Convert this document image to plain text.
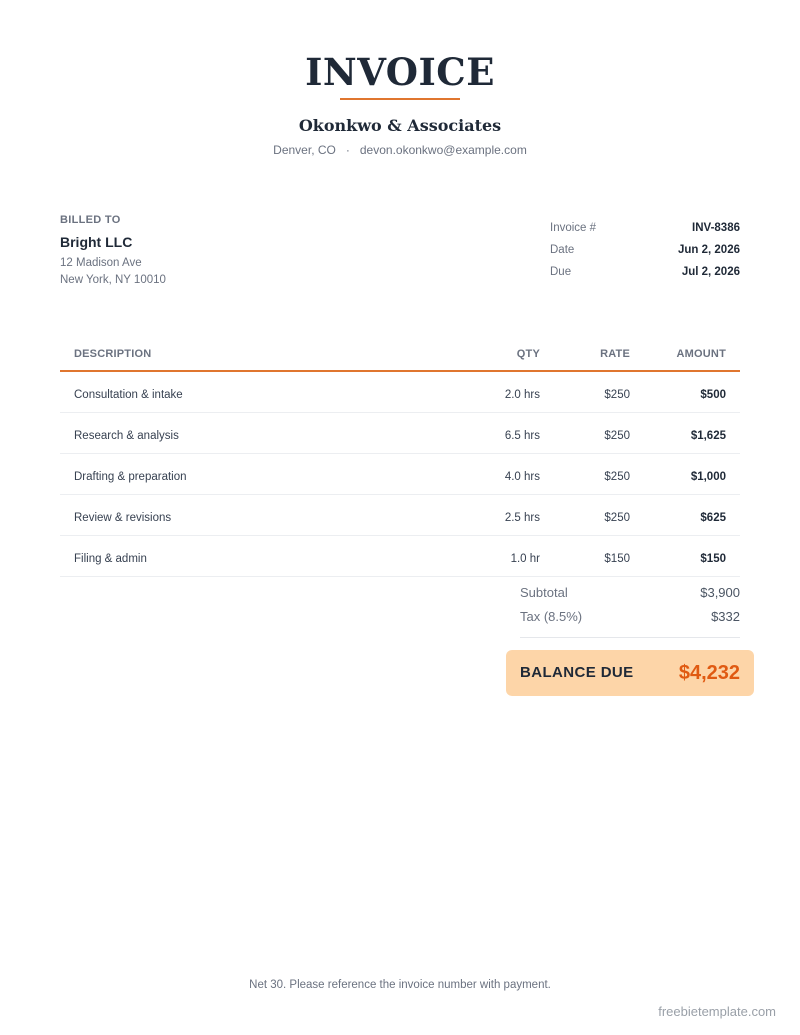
INVOICE
Okonkwo & Associates
Denver, CO · devon.okonkwo@example.com
BILLED TO
Bright LLC
12 Madison Ave
New York, NY 10010
Invoice #	INV-8386
Date	Jun 2, 2026
Due	Jul 2, 2026
DESCRIPTION	QTY	RATE	AMOUNT
Consultation & intake	2.0 hrs	$250	$500
Research & analysis	6.5 hrs	$250	$1,625
Drafting & preparation	4.0 hrs	$250	$1,000
Review & revisions	2.5 hrs	$250	$625
Filing & admin	1.0 hr	$150	$150
Subtotal	$3,900
Tax (8.5%)	$332
BALANCE DUE $4,232
Net 30. Please reference the invoice number with payment.
freebietemplate.com
